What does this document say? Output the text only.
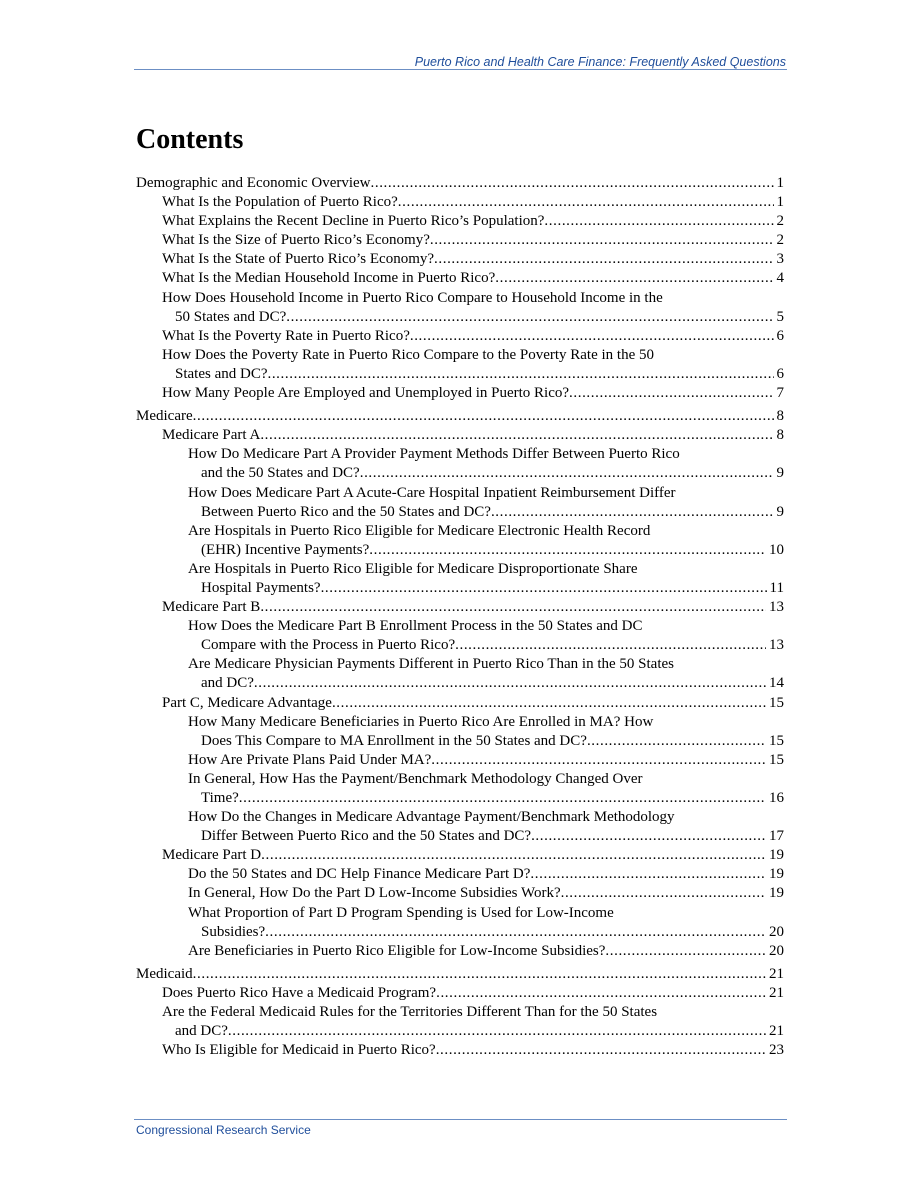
Puerto Rico and Health Care Finance: Frequently Asked Questions
Contents
Demographic and Economic Overview .....	1
What Is the Population of Puerto Rico? .....	1
What Explains the Recent Decline in Puerto Rico’s Population? .....	2
What Is the Size of Puerto Rico’s Economy? .....	2
What Is the State of Puerto Rico’s Economy? .....	3
What Is the Median Household Income in Puerto Rico? .....	4
How Does Household Income in Puerto Rico Compare to Household Income in the
50 States and DC? .....	5
What Is the Poverty Rate in Puerto Rico? .....	6
How Does the Poverty Rate in Puerto Rico Compare to the Poverty Rate in the 50
States and DC? .....	6
How Many People Are Employed and Unemployed in Puerto Rico? .....	7
Medicare .....	8
Medicare Part A .....	8
How Do Medicare Part A Provider Payment Methods Differ Between Puerto Rico
and the 50 States and DC? .....	9
How Does Medicare Part A Acute-Care Hospital Inpatient Reimbursement Differ
Between Puerto Rico and the 50 States and DC? .....	9
Are Hospitals in Puerto Rico Eligible for Medicare Electronic Health Record
(EHR) Incentive Payments? .....	10
Are Hospitals in Puerto Rico Eligible for Medicare Disproportionate Share
Hospital Payments? .....	11
Medicare Part B .....	13
How Does the Medicare Part B Enrollment Process in the 50 States and DC
Compare with the Process in Puerto Rico? .....	13
Are Medicare Physician Payments Different in Puerto Rico Than in the 50 States
and DC? .....	14
Part C, Medicare Advantage .....	15
How Many Medicare Beneficiaries in Puerto Rico Are Enrolled in MA? How
Does This Compare to MA Enrollment in the 50 States and DC? .....	15
How Are Private Plans Paid Under MA? .....	15
In General, How Has the Payment/Benchmark Methodology Changed Over
Time? .....	16
How Do the Changes in Medicare Advantage Payment/Benchmark Methodology
Differ Between Puerto Rico and the 50 States and DC? .....	17
Medicare Part D .....	19
Do the 50 States and DC Help Finance Medicare Part D? .....	19
In General, How Do the Part D Low-Income Subsidies Work? .....	19
What Proportion of Part D Program Spending is Used for Low-Income
Subsidies? .....	20
Are Beneficiaries in Puerto Rico Eligible for Low-Income Subsidies? .....	20
Medicaid .....	21
Does Puerto Rico Have a Medicaid Program? .....	21
Are the Federal Medicaid Rules for the Territories Different Than for the 50 States
and DC? .....	21
Who Is Eligible for Medicaid in Puerto Rico? .....	23
Congressional Research Service
